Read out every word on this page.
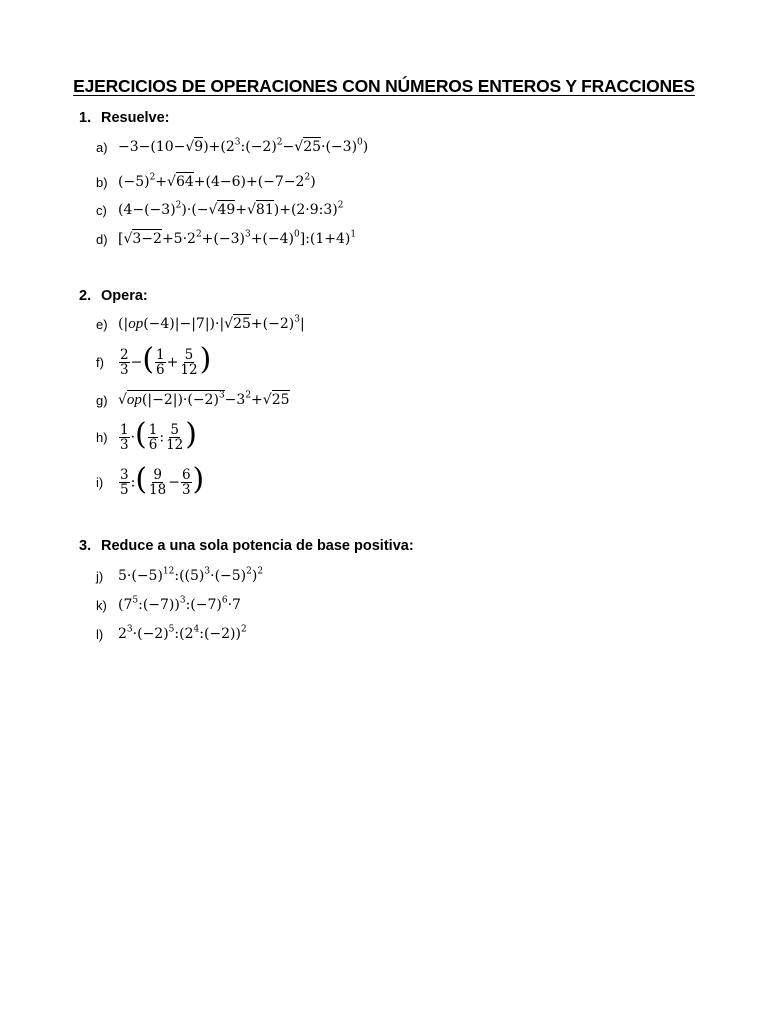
EJERCICIOS DE OPERACIONES CON NÚMEROS ENTEROS Y FRACCIONES
1. Resuelve:
$a) -3-(10-√9)+(2^3:(-2)^2-√25\cdot(-3)^0)$
b) $(-5)^2+√64+(4-6)+(-7-2^2)$
c) $(4-(-3)^2)\cdot(-√49+√81)+(2\cdot 9:3)^2$
d) $[√3-2+5\cdot 2^2+(-3)^3+(-4)^0]:(1+4)^1$
2. Opera:
e) $(|op(-4)|-|7|)\cdot|√25+(-2)^3|$
f)	$\frac{2}{3}$ −( $\frac{1}{6} + \frac{5}{12}$ )
g) $√op(|-2|)\cdot(-2)^3-3^2+√25$
$h) \frac{1}{3}$ ·( $\frac{1}{6}$ : $\frac{5}{12}$ )
i)	$\frac{3}{5}$ :( $\frac{9}{18} - \frac{6}{3}$ )
3. Reduce a una sola potencia de base positiva:
j)	$5\cdot(-5)^{12}:((5)^3\cdot(-5)^2)^2$
k) $(7^5:(-7))^3:(-7)^6\cdot 7$
l)	$2^3\cdot(-2)^5:(2^4:(-2))^2$
